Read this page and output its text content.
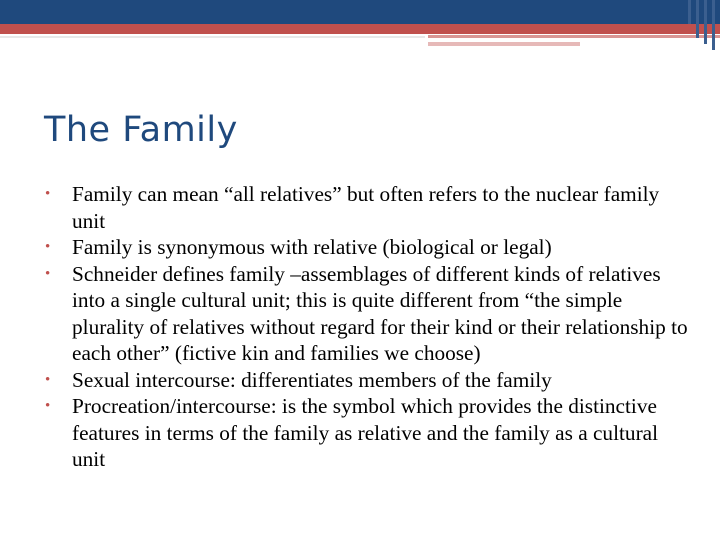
The Family
• Family can mean “all relatives” but often refers to the nuclear family unit
• Family is synonymous with relative (biological or legal)
• Schneider defines family –assemblages of different kinds of relatives into a single cultural unit; this is quite different from “the simple plurality of relatives without regard for their kind or their relationship to each other” (fictive kin and families we choose)
• Sexual intercourse: differentiates members of the family
• Procreation/intercourse: is the symbol which provides the distinctive features in terms of the family as relative and the family as a cultural unit
